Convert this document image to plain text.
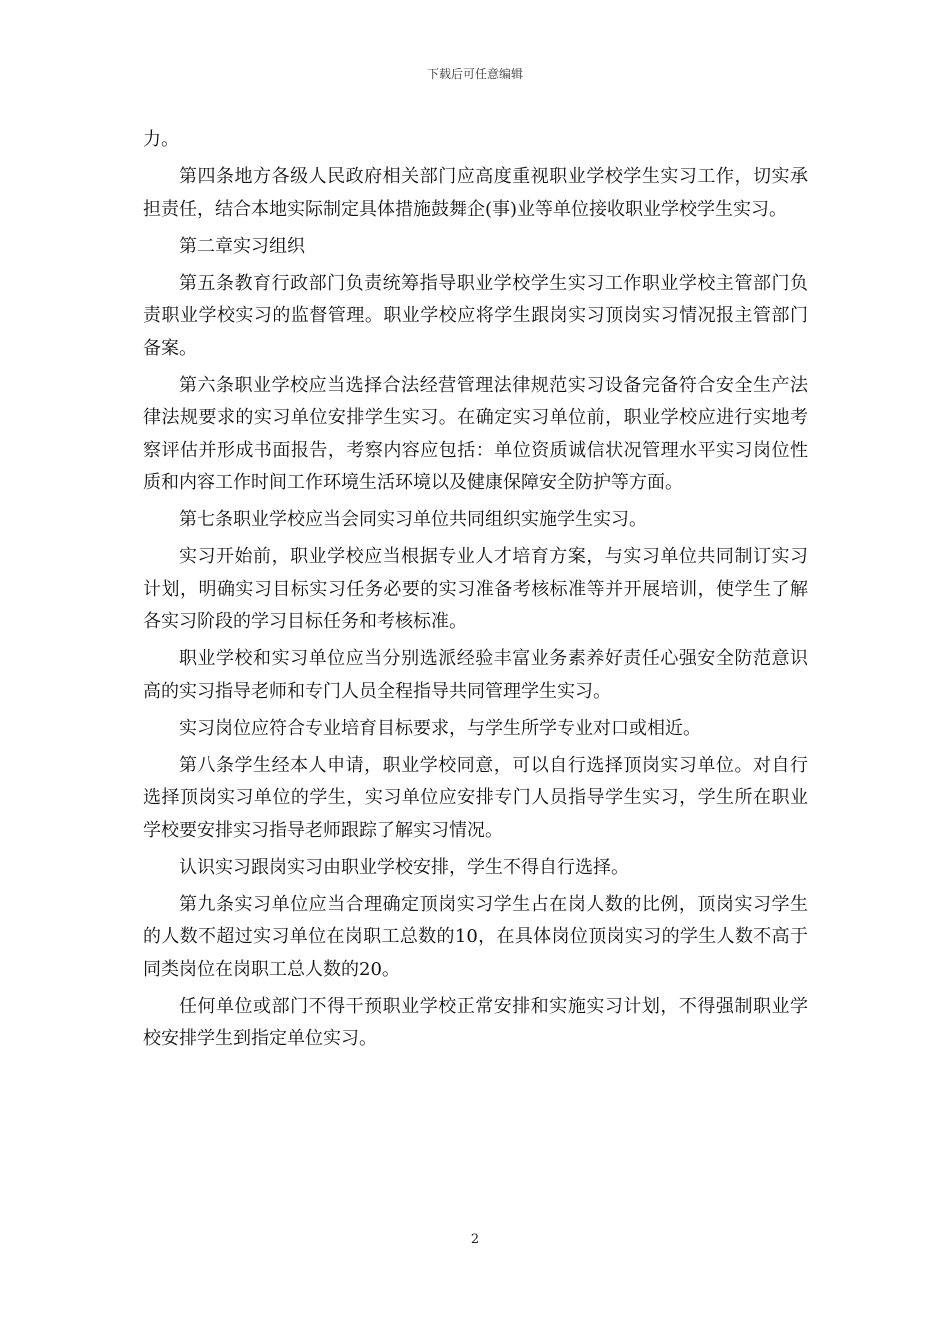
下载后可任意编辑

力。

第四条地方各级人民政府相关部门应高度重视职业学校学生实习工作，切实承担责任，结合本地实际制定具体措施鼓舞企(事)业等单位接收职业学校学生实习。

第二章实习组织

第五条教育行政部门负责统筹指导职业学校学生实习工作职业学校主管部门负责职业学校实习的监督管理。职业学校应将学生跟岗实习顶岗实习情况报主管部门备案。

第六条职业学校应当选择合法经营管理法律规范实习设备完备符合安全生产法律法规要求的实习单位安排学生实习。在确定实习单位前，职业学校应进行实地考察评估并形成书面报告，考察内容应包括：单位资质诚信状况管理水平实习岗位性质和内容工作时间工作环境生活环境以及健康保障安全防护等方面。

第七条职业学校应当会同实习单位共同组织实施学生实习。

实习开始前，职业学校应当根据专业人才培育方案，与实习单位共同制订实习计划，明确实习目标实习任务必要的实习准备考核标准等并开展培训，使学生了解各实习阶段的学习目标任务和考核标准。

职业学校和实习单位应当分别选派经验丰富业务素养好责任心强安全防范意识高的实习指导老师和专门人员全程指导共同管理学生实习。

实习岗位应符合专业培育目标要求，与学生所学专业对口或相近。

第八条学生经本人申请，职业学校同意，可以自行选择顶岗实习单位。对自行选择顶岗实习单位的学生，实习单位应安排专门人员指导学生实习，学生所在职业学校要安排实习指导老师跟踪了解实习情况。

认识实习跟岗实习由职业学校安排，学生不得自行选择。

第九条实习单位应当合理确定顶岗实习学生占在岗人数的比例，顶岗实习学生的人数不超过实习单位在岗职工总数的10，在具体岗位顶岗实习的学生人数不高于同类岗位在岗职工总人数的20。

任何单位或部门不得干预职业学校正常安排和实施实习计划，不得强制职业学校安排学生到指定单位实习。

2
